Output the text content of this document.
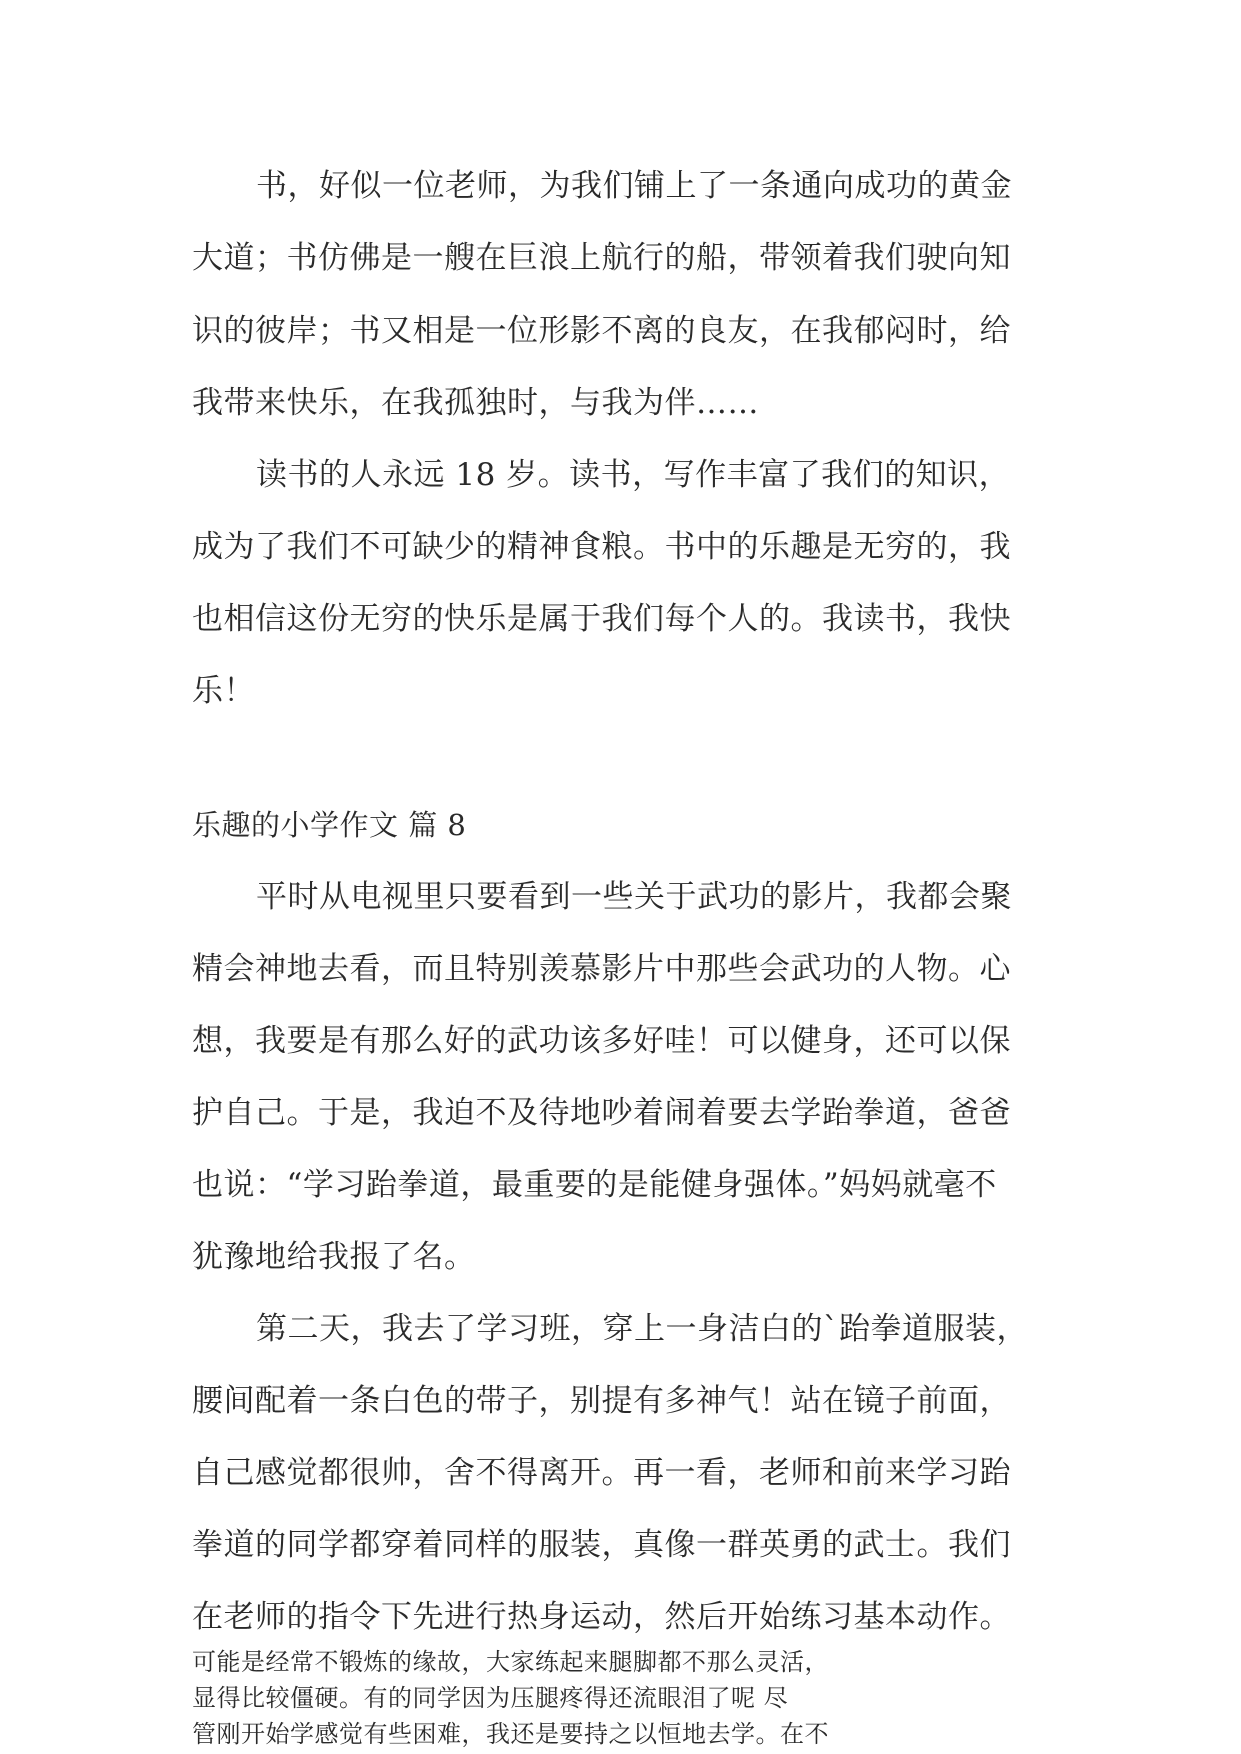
书，好似一位老师，为我们铺上了一条通向成功的黄金
大道；书仿佛是一艘在巨浪上航行的船，带领着我们驶向知
识的彼岸；书又相是一位形影不离的良友，在我郁闷时，给
我带来快乐，在我孤独时，与我为伴……
读书的人永远 18 岁。读书，写作丰富了我们的知识，
成为了我们不可缺少的精神食粮。书中的乐趣是无穷的，我
也相信这份无穷的快乐是属于我们每个人的。我读书，我快
乐！
乐趣的小学作文 篇 8
平时从电视里只要看到一些关于武功的影片，我都会聚
精会神地去看，而且特别羡慕影片中那些会武功的人物。心
想，我要是有那么好的武功该多好哇！可以健身，还可以保
护自己。于是，我迫不及待地吵着闹着要去学跆拳道，爸爸
也说：“学习跆拳道，最重要的是能健身强体。”妈妈就毫不
犹豫地给我报了名。
第二天，我去了学习班，穿上一身洁白的`跆拳道服装，
腰间配着一条白色的带子，别提有多神气！站在镜子前面，
自己感觉都很帅，舍不得离开。再一看，老师和前来学习跆
拳道的同学都穿着同样的服装，真像一群英勇的武士。我们
在老师的指令下先进行热身运动，然后开始练习基本动作。
可能是经常不锻炼的缘故，大家练起来腿脚都不那么灵活，
显得比较僵硬。有的同学因为压腿疼得还流眼泪了呢 尽
管刚开始学感觉有些困难，我还是要持之以恒地去学。在不
